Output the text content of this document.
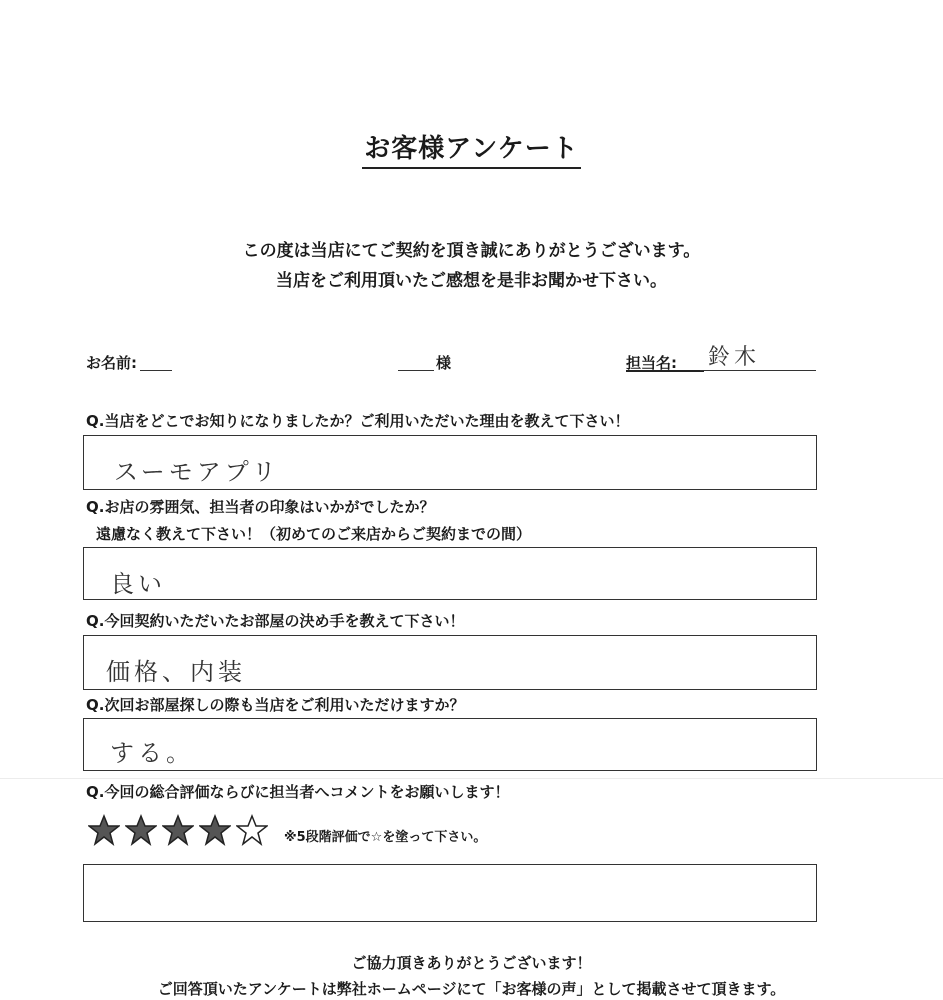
お客様アンケート
この度は当店にてご契約を頂き誠にありがとうございます。
当店をご利用頂いたご感想を是非お聞かせ下さい。
お名前:	様	担当名: 鈴木
Q.当店をどこでお知りになりましたか？ご利用いただいた理由を教えて下さい！
スーモアプリ
Q.お店の雰囲気、担当者の印象はいかがでしたか？
遠慮なく教えて下さい！（初めてのご来店からご契約までの間）
良い
Q.今回契約いただいたお部屋の決め手を教えて下さい！
価格、内装
Q.次回お部屋探しの際も当店をご利用いただけますか？
する。
Q.今回の総合評価ならびに担当者へコメントをお願いします！
※5段階評価で☆を塗って下さい。
ご協力頂きありがとうございます！
ご回答頂いたアンケートは弊社ホームページにて「お客様の声」として掲載させて頂きます。
